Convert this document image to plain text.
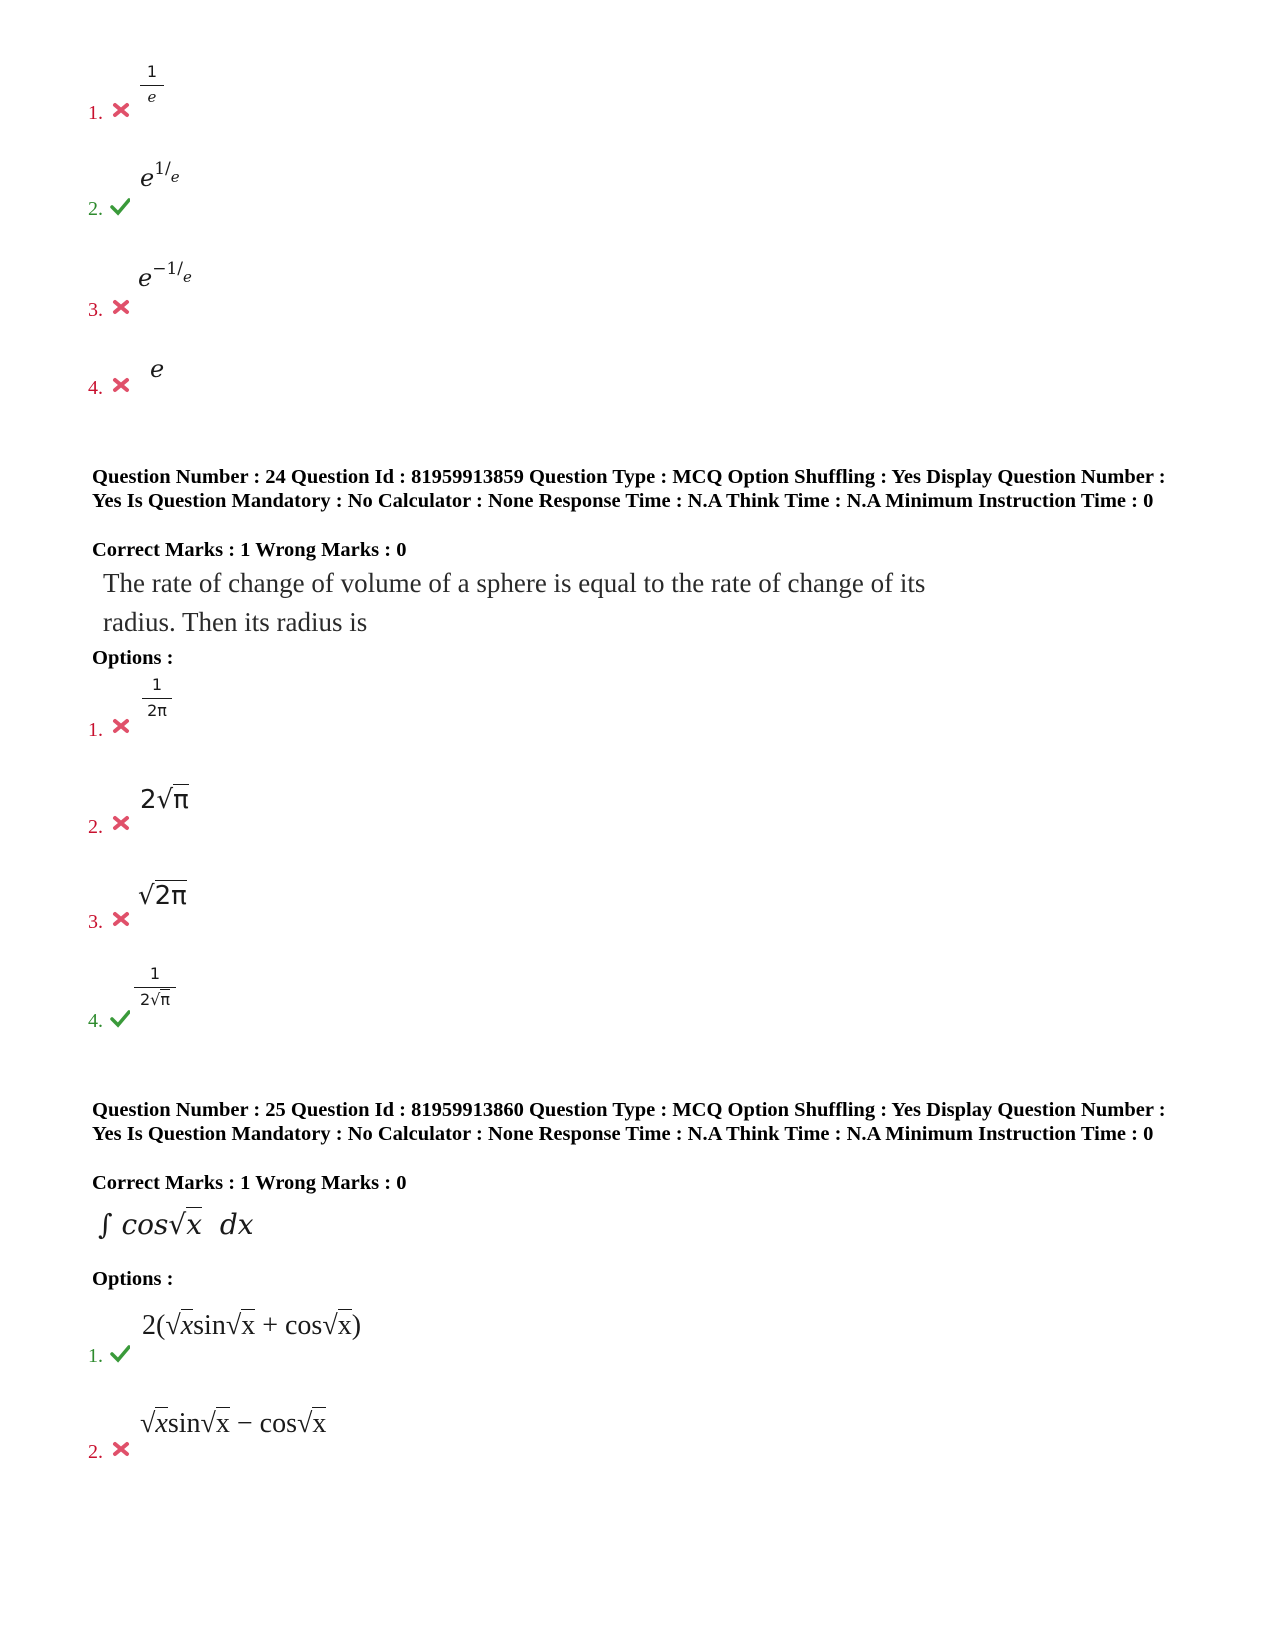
1.
1
e
2.
$e^{1/e}$
3.
$e^{-1/e}$
4.
e
Question Number : 24 Question Id : 81959913859 Question Type : MCQ Option Shuffling : Yes Display Question Number : Yes Is Question Mandatory : No Calculator : None Response Time : N.A Think Time : N.A Minimum Instruction Time : 0
Correct Marks : 1 Wrong Marks : 0
The rate of change of volume of a sphere is equal to the rate of change of its
radius. Then its radius is
Options :
1.
1
2π
2.
2√π
3.
√2π
4.
1
2√π
Question Number : 25 Question Id : 81959913860 Question Type : MCQ Option Shuffling : Yes Display Question Number : Yes Is Question Mandatory : No Calculator : None Response Time : N.A Think Time : N.A Minimum Instruction Time : 0
Correct Marks : 1 Wrong Marks : 0
∫ cos√x dx
Options :
1.
2(√xsin√x + cos√x)
2.
√xsin√x − cos√x
